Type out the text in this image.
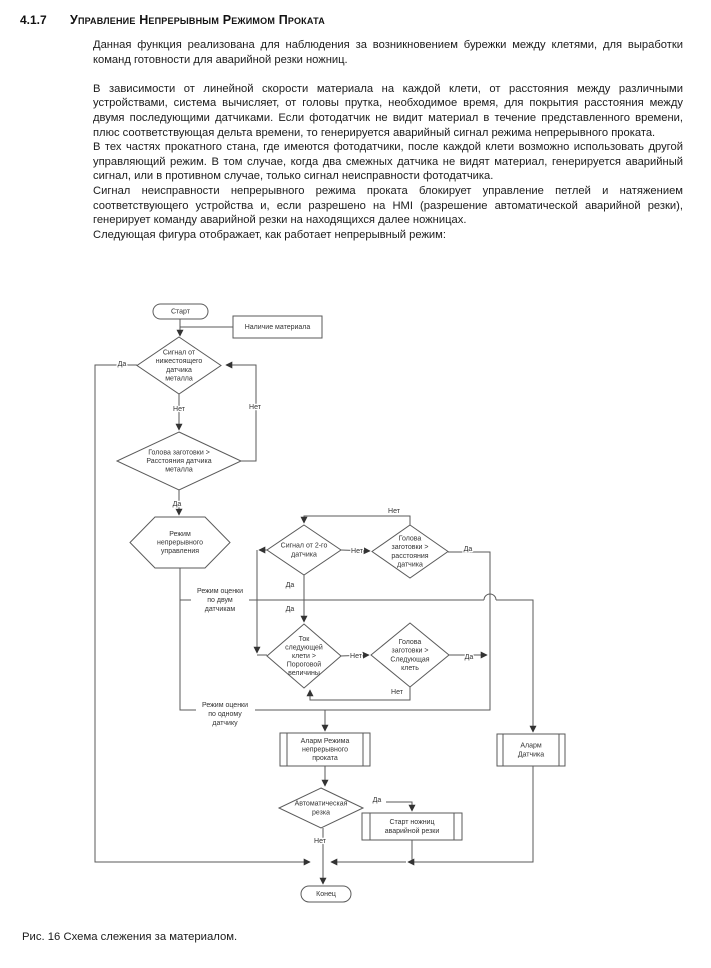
4.1.7 Управление Непрерывным Режимом Проката

Данная функция реализована для наблюдения за возникновением бурежки между клетями, для выработки команд готовности для аварийной резки ножниц.

В зависимости от линейной скорости материала на каждой клети, от расстояния между различными устройствами, система вычисляет, от головы прутка, необходимое время, для покрытия расстояния между двумя последующими датчиками. Если фотодатчик не видит материал в течение представленного времени, плюс соответствующая дельта времени, то генерируется аварийный сигнал режима непрерывного проката.

В тех частях прокатного стана, где имеются фотодатчики, после каждой клети возможно использовать другой управляющий режим. В том случае, когда два смежных датчика не видят материал, генерируется аварийный сигнал, или в противном случае, только сигнал неисправности фотодатчика.

Сигнал неисправности непрерывного режима проката блокирует управление петлей и натяжением соответствующего устройства и, если разрешено на HMI (разрешение автоматической аварийной резки), генерирует команду аварийной резки на находящихся далее ножницах.

Следующая фигура отображает, как работает непрерывный режим:

Старт
Наличие материала
Сигнал от нижестоящего датчика металла
Голова заготовки > Расстояния датчика металла
Режим непрерывного управления
Сигнал от 2-го датчика
Голова заготовки > расстояния датчика
Ток следующей клети > Пороговой величины
Голова заготовки > Следующая клеть
Аларм Режима непрерывного проката
Аларм Датчика
Автоматическая резка
Старт ножниц аварийной резки
Конец
Да
Нет	Нет
Да
Нет
Нет
Да
Да
Да
Нет	Да
Нет
Да
Нет
Режим оценки по двум датчикам
Режим оценки по одному датчику
Рис. 16 Схема слежения за материалом.
